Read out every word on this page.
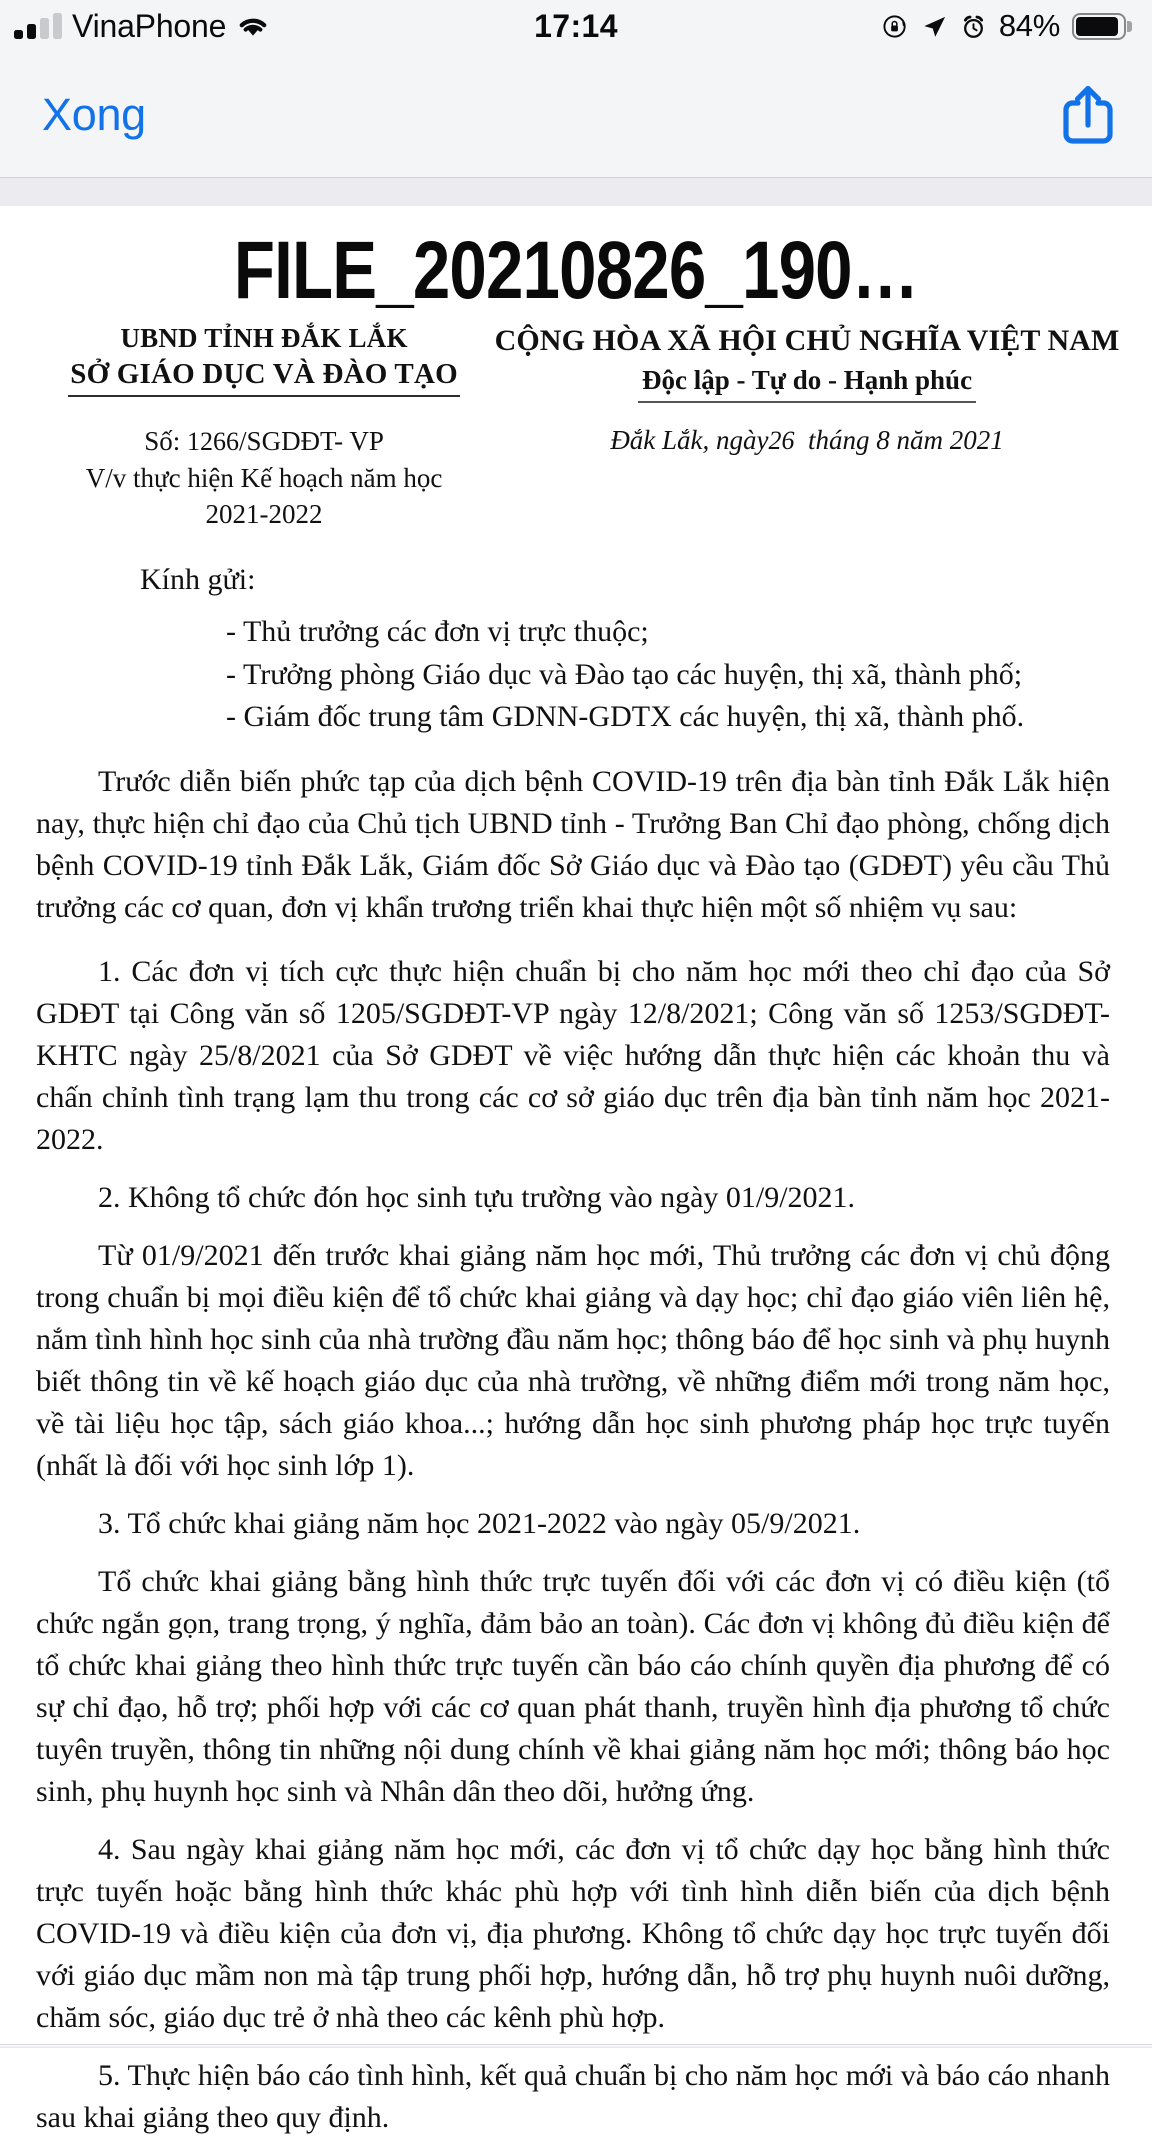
VinaPhone	17:14	84%
Xong
FILE_20210826_190…
UBND TỈNH ĐẮK LẮK
SỞ GIÁO DỤC VÀ ĐÀO TẠO
CỘNG HÒA XÃ HỘI CHỦ NGHĨA VIỆT NAM
Độc lập - Tự do - Hạnh phúc
Số: 1266/SGDĐT- VP
V/v thực hiện Kế hoạch năm học
2021-2022
Đắk Lắk, ngày26 tháng 8 năm 2021
Kính gửi:
- Thủ trưởng các đơn vị trực thuộc;
- Trưởng phòng Giáo dục và Đào tạo các huyện, thị xã, thành phố;
- Giám đốc trung tâm GDNN-GDTX các huyện, thị xã, thành phố.
Trước diễn biến phức tạp của dịch bệnh COVID-19 trên địa bàn tỉnh Đắk Lắk hiện nay, thực hiện chỉ đạo của Chủ tịch UBND tỉnh - Trưởng Ban Chỉ đạo phòng, chống dịch bệnh COVID-19 tỉnh Đắk Lắk, Giám đốc Sở Giáo dục và Đào tạo (GDĐT) yêu cầu Thủ trưởng các cơ quan, đơn vị khẩn trương triển khai thực hiện một số nhiệm vụ sau:
1. Các đơn vị tích cực thực hiện chuẩn bị cho năm học mới theo chỉ đạo của Sở GDĐT tại Công văn số 1205/SGDĐT-VP ngày 12/8/2021; Công văn số 1253/SGDĐT-KHTC ngày 25/8/2021 của Sở GDĐT về việc hướng dẫn thực hiện các khoản thu và chấn chỉnh tình trạng lạm thu trong các cơ sở giáo dục trên địa bàn tỉnh năm học 2021-2022.
2. Không tổ chức đón học sinh tựu trường vào ngày 01/9/2021.
Từ 01/9/2021 đến trước khai giảng năm học mới, Thủ trưởng các đơn vị chủ động trong chuẩn bị mọi điều kiện để tổ chức khai giảng và dạy học; chỉ đạo giáo viên liên hệ, nắm tình hình học sinh của nhà trường đầu năm học; thông báo để học sinh và phụ huynh biết thông tin về kế hoạch giáo dục của nhà trường, về những điểm mới trong năm học, về tài liệu học tập, sách giáo khoa...; hướng dẫn học sinh phương pháp học trực tuyến (nhất là đối với học sinh lớp 1).
3. Tổ chức khai giảng năm học 2021-2022 vào ngày 05/9/2021.
Tổ chức khai giảng bằng hình thức trực tuyến đối với các đơn vị có điều kiện (tổ chức ngắn gọn, trang trọng, ý nghĩa, đảm bảo an toàn). Các đơn vị không đủ điều kiện để tổ chức khai giảng theo hình thức trực tuyến cần báo cáo chính quyền địa phương để có sự chỉ đạo, hỗ trợ; phối hợp với các cơ quan phát thanh, truyền hình địa phương tổ chức tuyên truyền, thông tin những nội dung chính về khai giảng năm học mới; thông báo học sinh, phụ huynh học sinh và Nhân dân theo dõi, hưởng ứng.
4. Sau ngày khai giảng năm học mới, các đơn vị tổ chức dạy học bằng hình thức trực tuyến hoặc bằng hình thức khác phù hợp với tình hình diễn biến của dịch bệnh COVID-19 và điều kiện của đơn vị, địa phương. Không tổ chức dạy học trực tuyến đối với giáo dục mầm non mà tập trung phối hợp, hướng dẫn, hỗ trợ phụ huynh nuôi dưỡng, chăm sóc, giáo dục trẻ ở nhà theo các kênh phù hợp.
5. Thực hiện báo cáo tình hình, kết quả chuẩn bị cho năm học mới và báo cáo nhanh sau khai giảng theo quy định.
